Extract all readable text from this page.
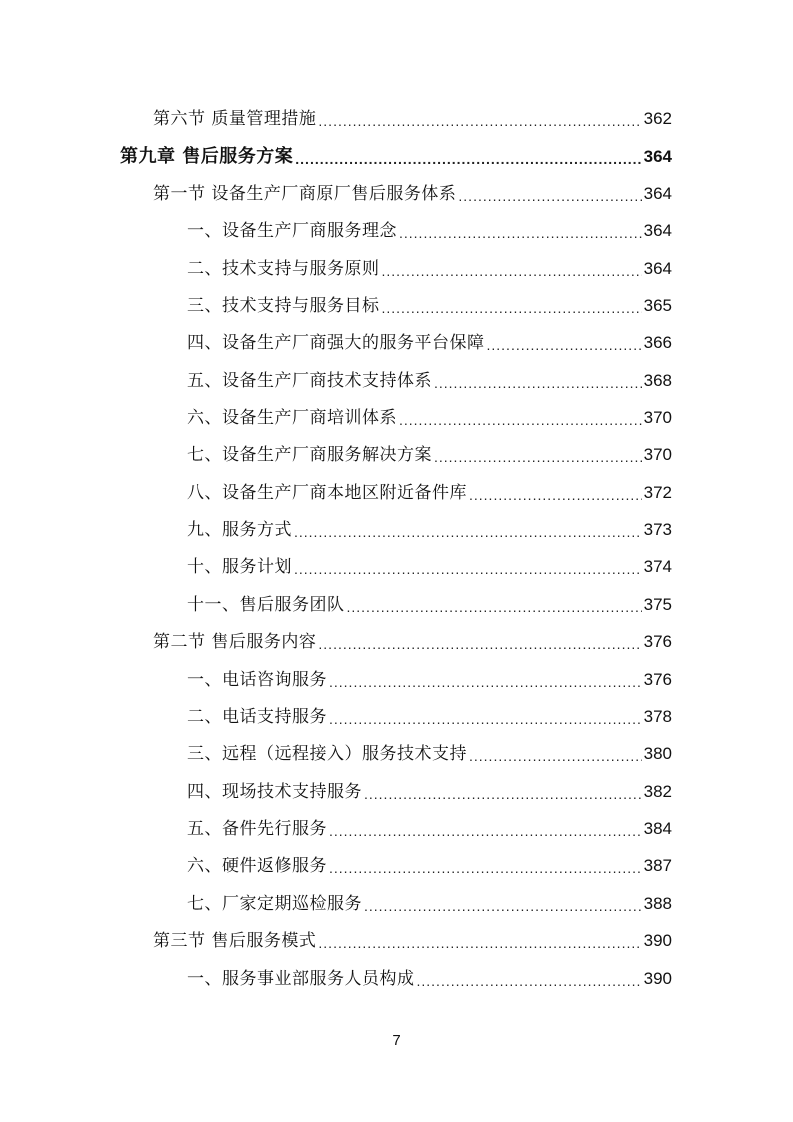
第六节 质量管理措施 .....	362
第九章 售后服务方案 .....	364
第一节 设备生产厂商原厂售后服务体系 .....	364
一、设备生产厂商服务理念 .....	364
二、技术支持与服务原则 .....	364
三、技术支持与服务目标 .....	365
四、设备生产厂商强大的服务平台保障 .....	366
五、设备生产厂商技术支持体系 .....	368
六、设备生产厂商培训体系 .....	370
七、设备生产厂商服务解决方案 .....	370
八、设备生产厂商本地区附近备件库 .....	372
九、服务方式 .....	373
十、服务计划 .....	374
十一、售后服务团队 .....	375
第二节 售后服务内容 .....	376
一、电话咨询服务 .....	376
二、电话支持服务 .....	378
三、远程（远程接入）服务技术支持 .....	380
四、现场技术支持服务 .....	382
五、备件先行服务 .....	384
六、硬件返修服务 .....	387
七、厂家定期巡检服务 .....	388
第三节 售后服务模式 .....	390
一、服务事业部服务人员构成 .....	390
7
